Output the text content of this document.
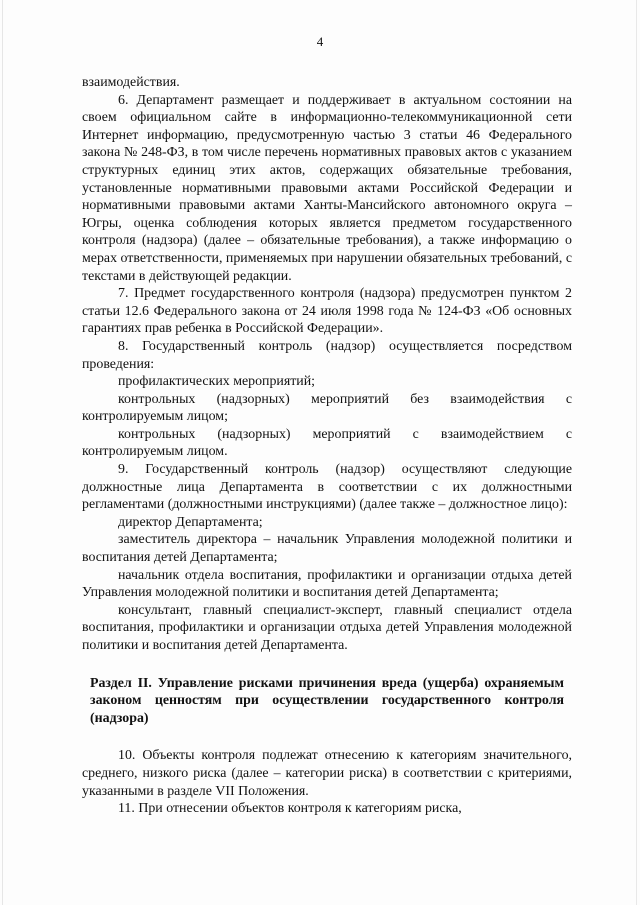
4

взаимодействия.

6. Департамент размещает и поддерживает в актуальном состоянии на своем официальном сайте в информационно-телекоммуникационной сети Интернет информацию, предусмотренную частью 3 статьи 46 Федерального закона № 248-ФЗ, в том числе перечень нормативных правовых актов с указанием структурных единиц этих актов, содержащих обязательные требования, установленные нормативными правовыми актами Российской Федерации и нормативными правовыми актами Ханты-Мансийского автономного округа – Югры, оценка соблюдения которых является предметом государственного контроля (надзора) (далее – обязательные требования), а также информацию о мерах ответственности, применяемых при нарушении обязательных требований, с текстами в действующей редакции.

7. Предмет государственного контроля (надзора) предусмотрен пунктом 2 статьи 12.6 Федерального закона от 24 июля 1998 года № 124-ФЗ «Об основных гарантиях прав ребенка в Российской Федерации».

8. Государственный контроль (надзор) осуществляется посредством проведения:

профилактических мероприятий;

контрольных (надзорных) мероприятий без взаимодействия с контролируемым лицом;

контрольных (надзорных) мероприятий с взаимодействием с контролируемым лицом.

9. Государственный контроль (надзор) осуществляют следующие должностные лица Департамента в соответствии с их должностными регламентами (должностными инструкциями) (далее также – должностное лицо):

директор Департамента;

заместитель директора – начальник Управления молодежной политики и воспитания детей Департамента;

начальник отдела воспитания, профилактики и организации отдыха детей Управления молодежной политики и воспитания детей Департамента;

консультант, главный специалист-эксперт, главный специалист отдела воспитания, профилактики и организации отдыха детей Управления молодежной политики и воспитания детей Департамента.

Раздел II. Управление рисками причинения вреда (ущерба) охраняемым законом ценностям при осуществлении государственного контроля (надзора)

10. Объекты контроля подлежат отнесению к категориям значительного, среднего, низкого риска (далее – категории риска) в соответствии с критериями, указанными в разделе VII Положения.

11. При отнесении объектов контроля к категориям риска,
